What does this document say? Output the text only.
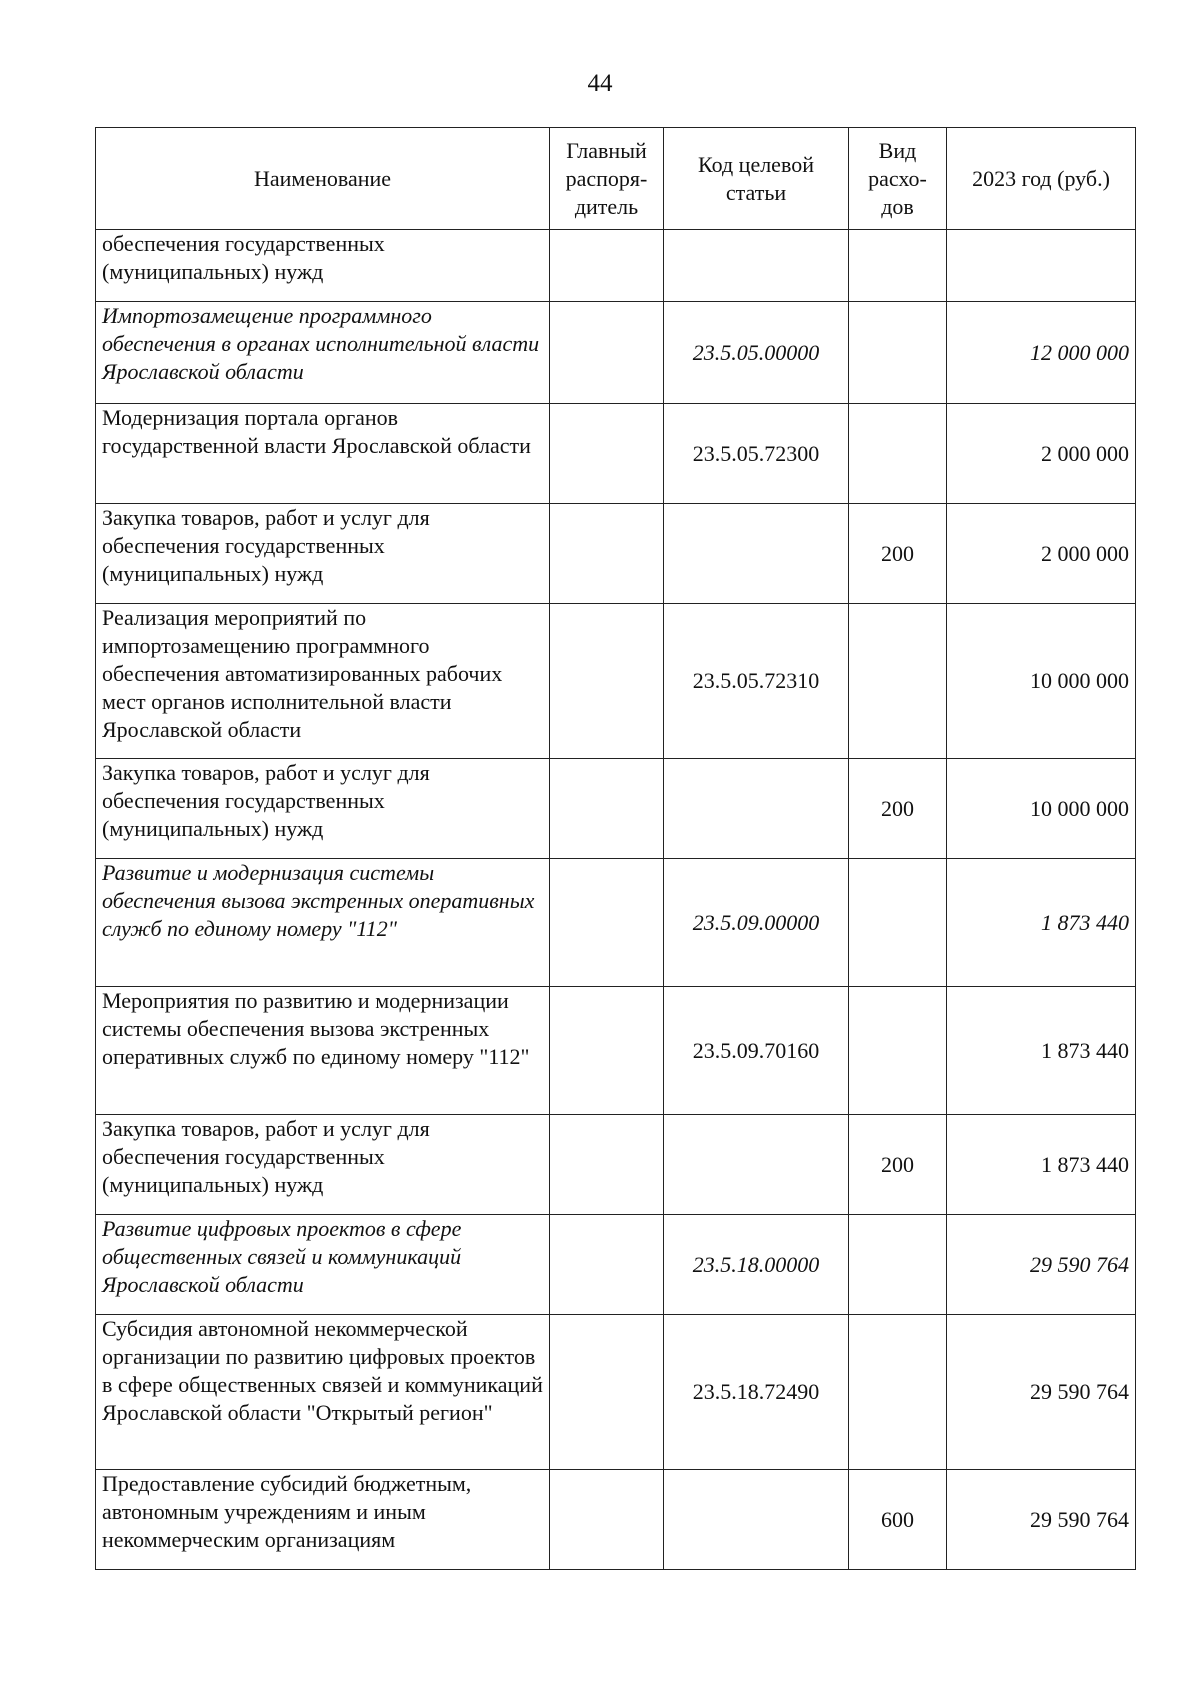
44
Наименование	Главный распоря-дитель	Код целевой статьи	Вид расхо-дов	2023 год (руб.)
обеспечения государственных (муниципальных) нужд				
Импортозамещение программного обеспечения в органах исполнительной власти Ярославской области		23.5.05.00000		12 000 000
Модернизация портала органов государственной власти Ярославской области		23.5.05.72300		2 000 000
Закупка товаров, работ и услуг для обеспечения государственных (муниципальных) нужд			200	2 000 000
Реализация мероприятий по импортозамещению программного обеспечения автоматизированных рабочих мест органов исполнительной власти Ярославской области		23.5.05.72310		10 000 000
Закупка товаров, работ и услуг для обеспечения государственных (муниципальных) нужд			200	10 000 000
Развитие и модернизация системы обеспечения вызова экстренных оперативных служб по единому номеру "112"		23.5.09.00000		1 873 440
Мероприятия по развитию и модернизации системы обеспечения вызова экстренных оперативных служб по единому номеру "112"		23.5.09.70160		1 873 440
Закупка товаров, работ и услуг для обеспечения государственных (муниципальных) нужд			200	1 873 440
Развитие цифровых проектов в сфере общественных связей и коммуникаций Ярославской области		23.5.18.00000		29 590 764
Субсидия автономной некоммерческой организации по развитию цифровых проектов в сфере общественных связей и коммуникаций Ярославской области "Открытый регион"		23.5.18.72490		29 590 764
Предоставление субсидий бюджетным, автономным учреждениям и иным некоммерческим организациям			600	29 590 764
